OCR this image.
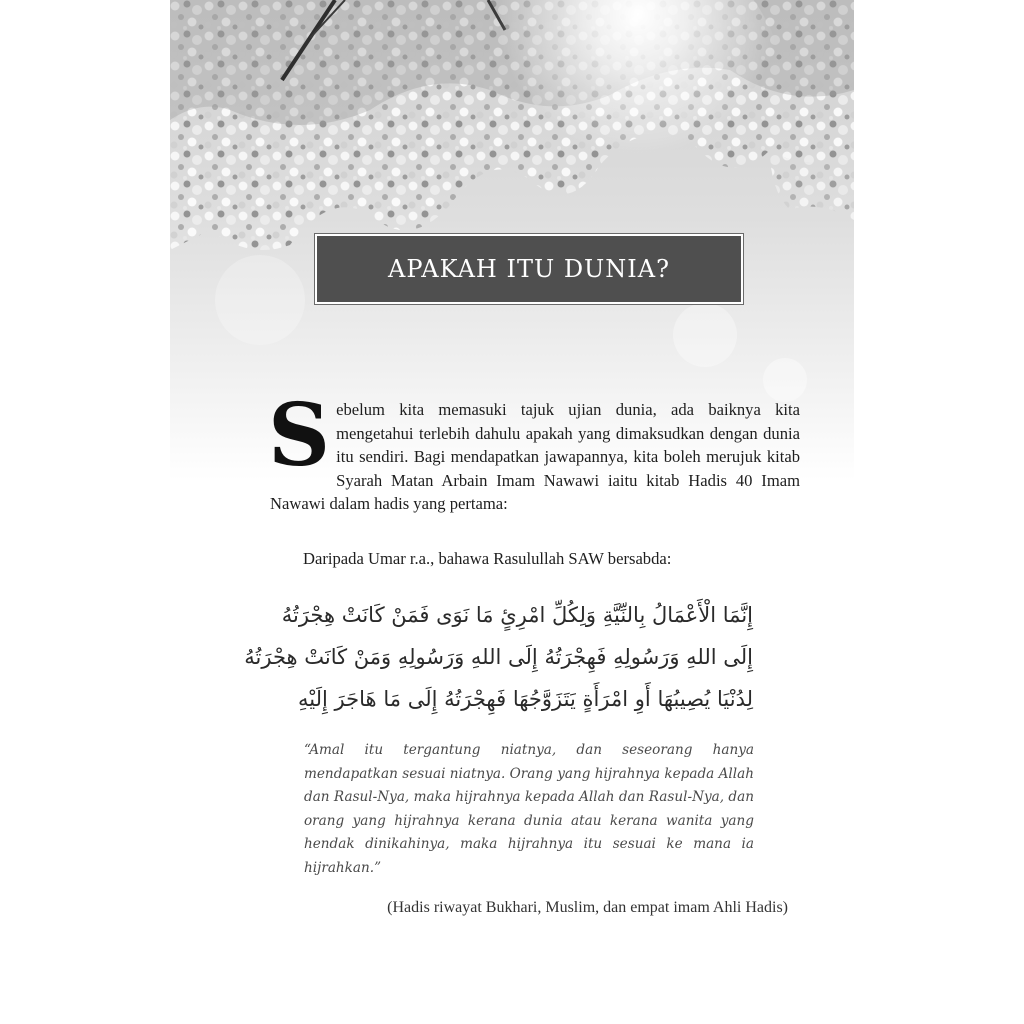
APAKAH ITU DUNIA?
S ebelum kita memasuki tajuk ujian dunia, ada baiknya kita mengetahui terlebih dahulu apakah yang dimaksudkan dengan dunia itu sendiri. Bagi mendapatkan jawapannya, kita boleh merujuk kitab Syarah Matan Arbain Imam Nawawi iaitu kitab Hadis 40 Imam Nawawi dalam hadis yang pertama:
Daripada Umar r.a., bahawa Rasulullah SAW bersabda:
إِنَّمَا الْأَعْمَالُ بِالنِّيَّةِ وَلِكُلِّ امْرِئٍ مَا نَوَى فَمَنْ كَانَتْ هِجْرَتُهُ
إِلَى اللهِ وَرَسُولِهِ فَهِجْرَتُهُ إِلَى اللهِ وَرَسُولِهِ وَمَنْ كَانَتْ هِجْرَتُهُ
لِدُنْيَا يُصِيبُهَا أَوِ امْرَأَةٍ يَتَزَوَّجُهَا فَهِجْرَتُهُ إِلَى مَا هَاجَرَ إِلَيْهِ
“Amal itu tergantung niatnya, dan seseorang hanya mendapatkan sesuai niatnya. Orang yang hijrahnya kepada Allah dan Rasul-Nya, maka hijrahnya kepada Allah dan Rasul-Nya, dan orang yang hijrahnya kerana dunia atau kerana wanita yang hendak dinikahinya, maka hijrahnya itu sesuai ke mana ia hijrahkan.”
(Hadis riwayat Bukhari, Muslim, dan empat imam Ahli Hadis)
